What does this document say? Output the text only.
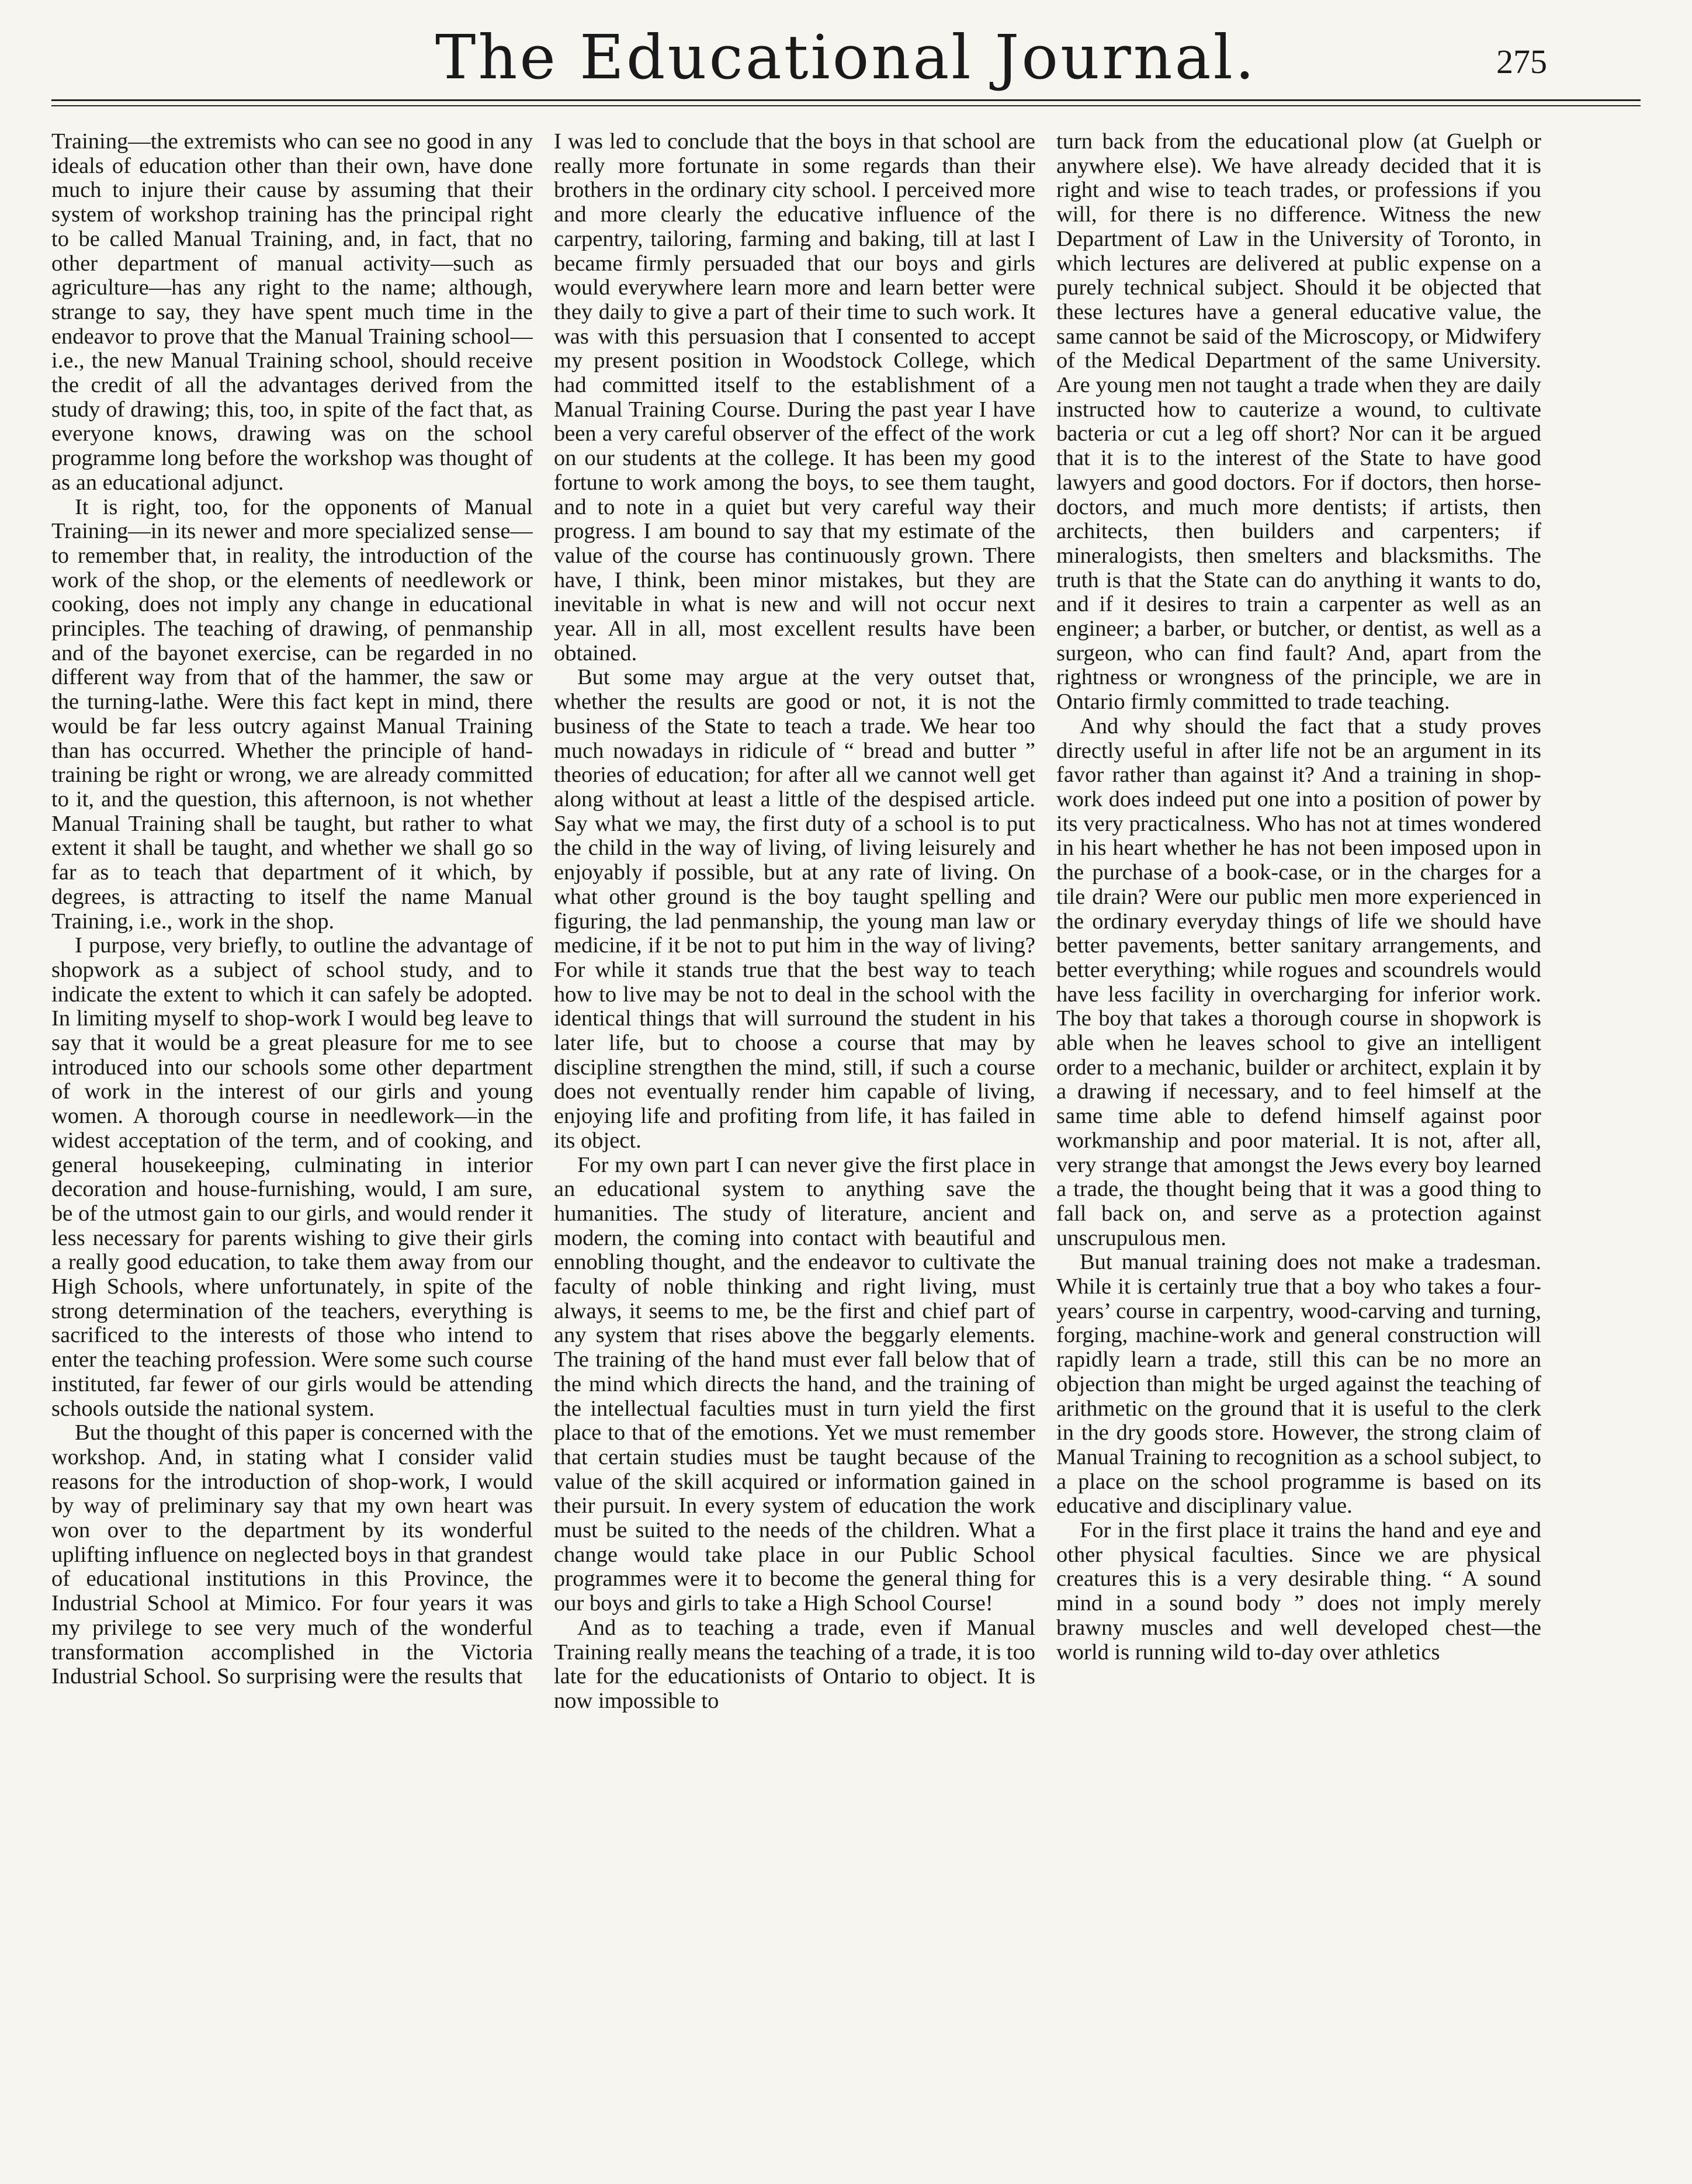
The Educational Journal.	275

Training—the extremists who can see no good in any ideals of education other than their own, have done much to injure their cause by assuming that their system of workshop training has the principal right to be called Manual Training, and, in fact, that no other department of manual activity—such as agriculture—has any right to the name; although, strange to say, they have spent much time in the endeavor to prove that the Manual Training school—i.e., the new Manual Training school, should receive the credit of all the advantages derived from the study of drawing; this, too, in spite of the fact that, as everyone knows, drawing was on the school programme long before the workshop was thought of as an educational adjunct.

It is right, too, for the opponents of Manual Training—in its newer and more specialized sense—to remember that, in reality, the introduction of the work of the shop, or the elements of needlework or cooking, does not imply any change in educational principles. The teaching of drawing, of penmanship and of the bayonet exercise, can be regarded in no different way from that of the hammer, the saw or the turning-lathe. Were this fact kept in mind, there would be far less outcry against Manual Training than has occurred. Whether the principle of hand-training be right or wrong, we are already committed to it, and the question, this afternoon, is not whether Manual Training shall be taught, but rather to what extent it shall be taught, and whether we shall go so far as to teach that department of it which, by degrees, is attracting to itself the name Manual Training, i.e., work in the shop.

I purpose, very briefly, to outline the advantage of shopwork as a subject of school study, and to indicate the extent to which it can safely be adopted. In limiting myself to shop-work I would beg leave to say that it would be a great pleasure for me to see introduced into our schools some other department of work in the interest of our girls and young women. A thorough course in needlework—in the widest acceptation of the term, and of cooking, and general housekeeping, culminating in interior decoration and house-furnishing, would, I am sure, be of the utmost gain to our girls, and would render it less necessary for parents wishing to give their girls a really good education, to take them away from our High Schools, where unfortunately, in spite of the strong determination of the teachers, everything is sacrificed to the interests of those who intend to enter the teaching profession. Were some such course instituted, far fewer of our girls would be attending schools outside the national system.

But the thought of this paper is concerned with the workshop. And, in stating what I consider valid reasons for the introduction of shop-work, I would by way of preliminary say that my own heart was won over to the department by its wonderful uplifting influence on neglected boys in that grandest of educational institutions in this Province, the Industrial School at Mimico. For four years it was my privilege to see very much of the wonderful transformation accomplished in the Victoria Industrial School. So surprising were the results that

I was led to conclude that the boys in that school are really more fortunate in some regards than their brothers in the ordinary city school. I perceived more and more clearly the educative influence of the carpentry, tailoring, farming and baking, till at last I became firmly persuaded that our boys and girls would everywhere learn more and learn better were they daily to give a part of their time to such work. It was with this persuasion that I consented to accept my present position in Woodstock College, which had committed itself to the establishment of a Manual Training Course. During the past year I have been a very careful observer of the effect of the work on our students at the college. It has been my good fortune to work among the boys, to see them taught, and to note in a quiet but very careful way their progress. I am bound to say that my estimate of the value of the course has continuously grown. There have, I think, been minor mistakes, but they are inevitable in what is new and will not occur next year. All in all, most excellent results have been obtained.

But some may argue at the very outset that, whether the results are good or not, it is not the business of the State to teach a trade. We hear too much nowadays in ridicule of “ bread and butter ” theories of education; for after all we cannot well get along without at least a little of the despised article. Say what we may, the first duty of a school is to put the child in the way of living, of living leisurely and enjoyably if possible, but at any rate of living. On what other ground is the boy taught spelling and figuring, the lad penmanship, the young man law or medicine, if it be not to put him in the way of living? For while it stands true that the best way to teach how to live may be not to deal in the school with the identical things that will surround the student in his later life, but to choose a course that may by discipline strengthen the mind, still, if such a course does not eventually render him capable of living, enjoying life and profiting from life, it has failed in its object.

For my own part I can never give the first place in an educational system to anything save the humanities. The study of literature, ancient and modern, the coming into contact with beautiful and ennobling thought, and the endeavor to cultivate the faculty of noble thinking and right living, must always, it seems to me, be the first and chief part of any system that rises above the beggarly elements. The training of the hand must ever fall below that of the mind which directs the hand, and the training of the intellectual faculties must in turn yield the first place to that of the emotions. Yet we must remember that certain studies must be taught because of the value of the skill acquired or information gained in their pursuit. In every system of education the work must be suited to the needs of the children. What a change would take place in our Public School programmes were it to become the general thing for our boys and girls to take a High School Course!

And as to teaching a trade, even if Manual Training really means the teaching of a trade, it is too late for the educationists of Ontario to object. It is now impossible to

turn back from the educational plow (at Guelph or anywhere else). We have already decided that it is right and wise to teach trades, or professions if you will, for there is no difference. Witness the new Department of Law in the University of Toronto, in which lectures are delivered at public expense on a purely technical subject. Should it be objected that these lectures have a general educative value, the same cannot be said of the Microscopy, or Midwifery of the Medical Department of the same University. Are young men not taught a trade when they are daily instructed how to cauterize a wound, to cultivate bacteria or cut a leg off short? Nor can it be argued that it is to the interest of the State to have good lawyers and good doctors. For if doctors, then horse-doctors, and much more dentists; if artists, then architects, then builders and carpenters; if mineralogists, then smelters and blacksmiths. The truth is that the State can do anything it wants to do, and if it desires to train a carpenter as well as an engineer; a barber, or butcher, or dentist, as well as a surgeon, who can find fault? And, apart from the rightness or wrongness of the principle, we are in Ontario firmly committed to trade teaching.

And why should the fact that a study proves directly useful in after life not be an argument in its favor rather than against it? And a training in shop-work does indeed put one into a position of power by its very practicalness. Who has not at times wondered in his heart whether he has not been imposed upon in the purchase of a book-case, or in the charges for a tile drain? Were our public men more experienced in the ordinary everyday things of life we should have better pavements, better sanitary arrangements, and better everything; while rogues and scoundrels would have less facility in overcharging for inferior work. The boy that takes a thorough course in shopwork is able when he leaves school to give an intelligent order to a mechanic, builder or architect, explain it by a drawing if necessary, and to feel himself at the same time able to defend himself against poor workmanship and poor material. It is not, after all, very strange that amongst the Jews every boy learned a trade, the thought being that it was a good thing to fall back on, and serve as a protection against unscrupulous men.

But manual training does not make a tradesman. While it is certainly true that a boy who takes a four-years’ course in carpentry, wood-carving and turning, forging, machine-work and general construction will rapidly learn a trade, still this can be no more an objection than might be urged against the teaching of arithmetic on the ground that it is useful to the clerk in the dry goods store. However, the strong claim of Manual Training to recognition as a school subject, to a place on the school programme is based on its educative and disciplinary value.

For in the first place it trains the hand and eye and other physical faculties. Since we are physical creatures this is a very desirable thing. “ A sound mind in a sound body ” does not imply merely brawny muscles and well developed chest—the world is running wild to-day over athletics
